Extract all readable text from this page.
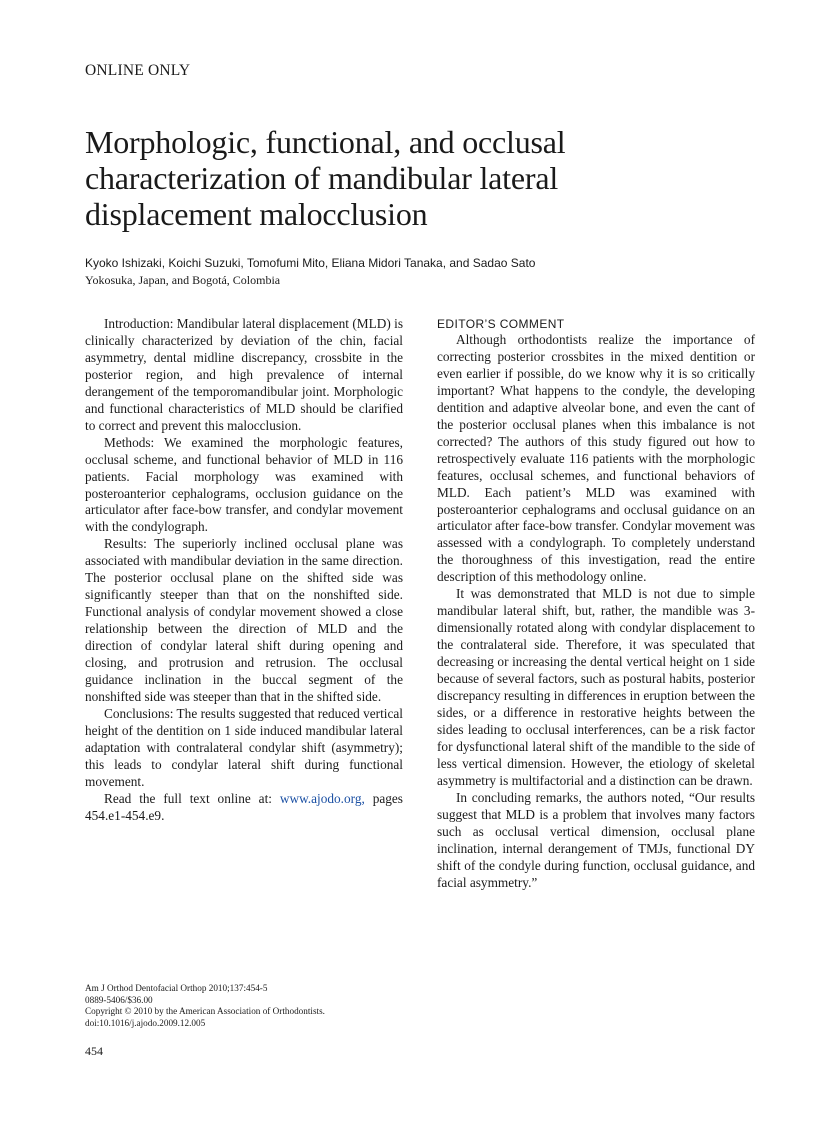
ONLINE ONLY
Morphologic, functional, and occlusal
characterization of mandibular lateral
displacement malocclusion
Kyoko Ishizaki, Koichi Suzuki, Tomofumi Mito, Eliana Midori Tanaka, and Sadao Sato
Yokosuka, Japan, and Bogotá, Colombia

Introduction: Mandibular lateral displacement (MLD) is clinically characterized by deviation of the chin, facial asymmetry, dental midline discrepancy, crossbite in the posterior region, and high prevalence of internal derangement of the temporomandibular joint. Morphologic and functional characteristics of MLD should be clarified to correct and prevent this malocclusion.

Methods: We examined the morphologic features, occlusal scheme, and functional behavior of MLD in 116 patients. Facial morphology was examined with posteroanterior cephalograms, occlusion guidance on the articulator after face-bow transfer, and condylar movement with the condylograph.

Results: The superiorly inclined occlusal plane was associated with mandibular deviation in the same direction. The posterior occlusal plane on the shifted side was significantly steeper than that on the nonshifted side. Functional analysis of condylar movement showed a close relationship between the direction of MLD and the direction of condylar lateral shift during opening and closing, and protrusion and retrusion. The occlusal guidance inclination in the buccal segment of the nonshifted side was steeper than that in the shifted side.

Conclusions: The results suggested that reduced vertical height of the dentition on 1 side induced mandibular lateral adaptation with contralateral condylar shift (asymmetry); this leads to condylar lateral shift during functional movement.

Read the full text online at: www.ajodo.org, pages 454.e1-454.e9.

EDITOR’S COMMENT

Although orthodontists realize the importance of correcting posterior crossbites in the mixed dentition or even earlier if possible, do we know why it is so critically important? What happens to the condyle, the developing dentition and adaptive alveolar bone, and even the cant of the posterior occlusal planes when this imbalance is not corrected? The authors of this study figured out how to retrospectively evaluate 116 patients with the morphologic features, occlusal schemes, and functional behaviors of MLD. Each patient’s MLD was examined with posteroanterior cephalograms and occlusal guidance on an articulator after face-bow transfer. Condylar movement was assessed with a condylograph. To completely understand the thoroughness of this investigation, read the entire description of this methodology online.

It was demonstrated that MLD is not due to simple mandibular lateral shift, but, rather, the mandible was 3-dimensionally rotated along with condylar displacement to the contralateral side. Therefore, it was speculated that decreasing or increasing the dental vertical height on 1 side because of several factors, such as postural habits, posterior discrepancy resulting in differences in eruption between the sides, or a difference in restorative heights between the sides leading to occlusal interferences, can be a risk factor for dysfunctional lateral shift of the mandible to the side of less vertical dimension. However, the etiology of skeletal asymmetry is multifactorial and a distinction can be drawn.

In concluding remarks, the authors noted, “Our results suggest that MLD is a problem that involves many factors such as occlusal vertical dimension, occlusal plane inclination, internal derangement of TMJs, functional DY shift of the condyle during function, occlusal guidance, and facial asymmetry.”

Am J Orthod Dentofacial Orthop 2010;137:454-5
0889-5406/$36.00
Copyright © 2010 by the American Association of Orthodontists.
doi:10.1016/j.ajodo.2009.12.005
454
